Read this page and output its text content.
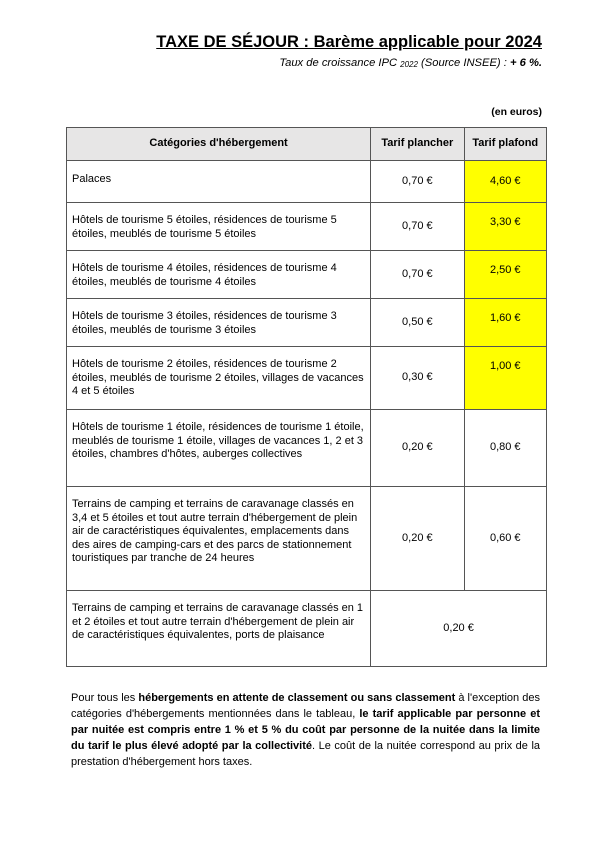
TAXE DE SÉJOUR : Barème applicable pour 2024
Taux de croissance IPC $_{2022}$ (Source INSEE) : + 6 %.
(en euros)
Catégories d'hébergement	Tarif plancher	Tarif plafond
Palaces	0,70 €	4,60 €
Hôtels de tourisme 5 étoiles, résidences de tourisme 5 étoiles, meublés de tourisme 5 étoiles	0,70 €	3,30 €
Hôtels de tourisme 4 étoiles, résidences de tourisme 4 étoiles, meublés de tourisme 4 étoiles	0,70 €	2,50 €
Hôtels de tourisme 3 étoiles, résidences de tourisme 3 étoiles, meublés de tourisme 3 étoiles	0,50 €	1,60 €
Hôtels de tourisme 2 étoiles, résidences de tourisme 2 étoiles, meublés de tourisme 2 étoiles, villages de vacances 4 et 5 étoiles	0,30 €	1,00 €
Hôtels de tourisme 1 étoile, résidences de tourisme 1 étoile, meublés de tourisme 1 étoile, villages de vacances 1, 2 et 3 étoiles, chambres d'hôtes, auberges collectives	0,20 €	0,80 €
Terrains de camping et terrains de caravanage classés en 3,4 et 5 étoiles et tout autre terrain d'hébergement de plein air de caractéristiques équivalentes, emplacements dans des aires de camping-cars et des parcs de stationnement touristiques par tranche de 24 heures	0,20 €	0,60 €
Terrains de camping et terrains de caravanage classés en 1 et 2 étoiles et tout autre terrain d'hébergement de plein air de caractéristiques équivalentes, ports de plaisance	0,20 €	
Pour tous les hébergements en attente de classement ou sans classement à l'exception des catégories d'hébergements mentionnées dans le tableau, le tarif applicable par personne et par nuitée est compris entre 1 % et 5 % du coût par personne de la nuitée dans la limite du tarif le plus élevé adopté par la collectivité. Le coût de la nuitée correspond au prix de la prestation d'hébergement hors taxes.
